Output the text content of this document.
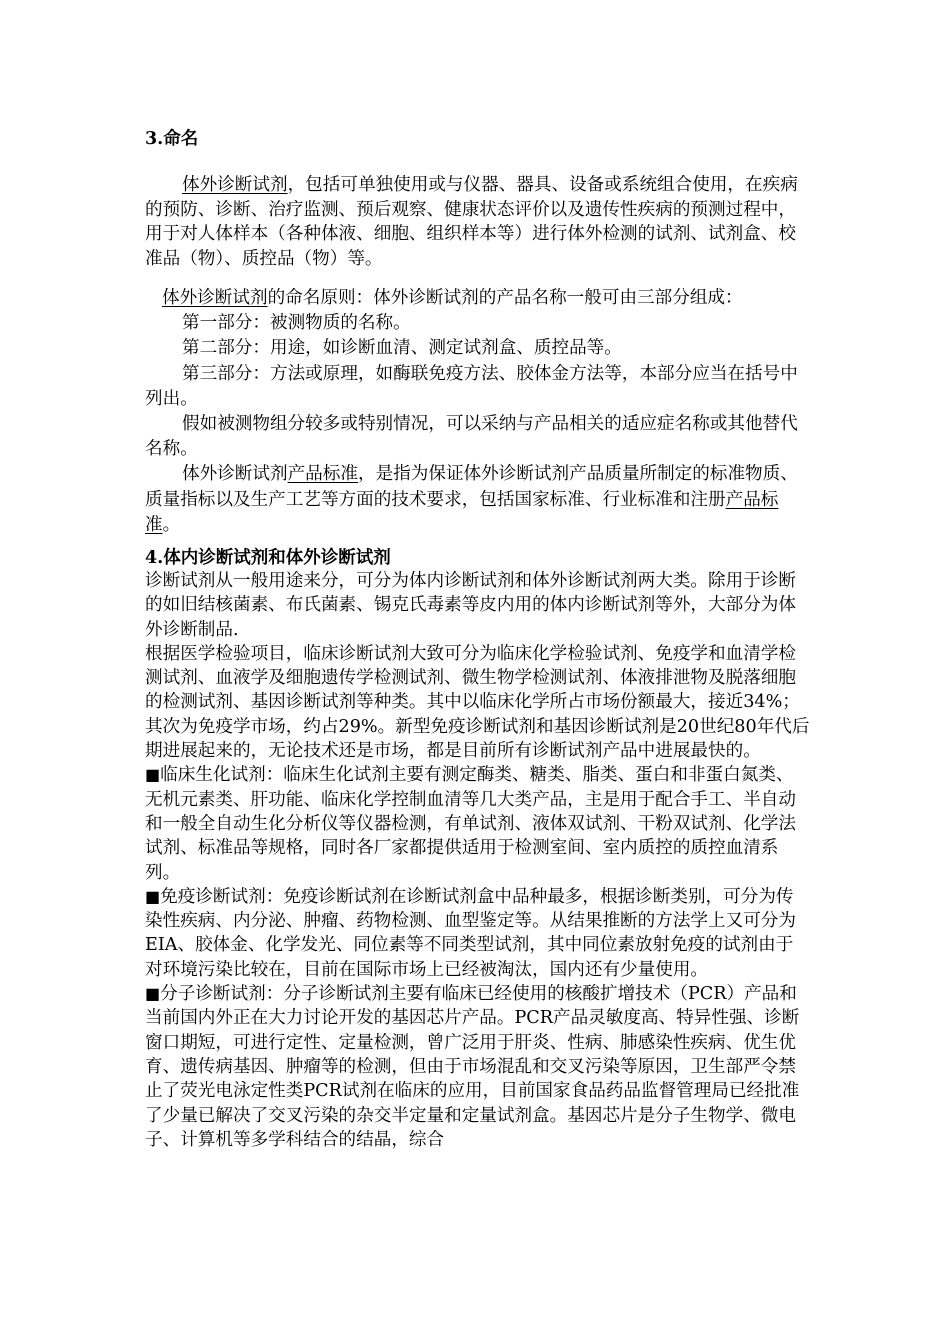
3.命名

体外诊断试剂，包括可单独使用或与仪器、器具、设备或系统组合使用，在疾病的预防、诊断、治疗监测、预后观察、健康状态评价以及遗传性疾病的预测过程中，用于对人体样本（各种体液、细胞、组织样本等）进行体外检测的试剂、试剂盒、校准品（物）、质控品（物）等。

体外诊断试剂的命名原则：体外诊断试剂的产品名称一般可由三部分组成：

第一部分：被测物质的名称。

第二部分：用途，如诊断血清、测定试剂盒、质控品等。

第三部分：方法或原理，如酶联免疫方法、胶体金方法等，本部分应当在括号中列出。

假如被测物组分较多或特别情况，可以采纳与产品相关的适应症名称或其他替代名称。

体外诊断试剂产品标准，是指为保证体外诊断试剂产品质量所制定的标准物质、质量指标以及生产工艺等方面的技术要求，包括国家标准、行业标准和注册产品标准。

4.体内诊断试剂和体外诊断试剂

诊断试剂从一般用途来分，可分为体内诊断试剂和体外诊断试剂两大类。除用于诊断的如旧结核菌素、布氏菌素、锡克氏毒素等皮内用的体内诊断试剂等外，大部分为体外诊断制品.

根据医学检验项目，临床诊断试剂大致可分为临床化学检验试剂、免疫学和血清学检测试剂、血液学及细胞遗传学检测试剂、微生物学检测试剂、体液排泄物及脱落细胞的检测试剂、基因诊断试剂等种类。其中以临床化学所占市场份额最大，接近34%；其次为免疫学市场，约占29%。新型免疫诊断试剂和基因诊断试剂是20世纪80年代后期进展起来的，无论技术还是市场，都是目前所有诊断试剂产品中进展最快的。

■临床生化试剂：临床生化试剂主要有测定酶类、糖类、脂类、蛋白和非蛋白氮类、无机元素类、肝功能、临床化学控制血清等几大类产品，主是用于配合手工、半自动和一般全自动生化分析仪等仪器检测，有单试剂、液体双试剂、干粉双试剂、化学法试剂、标准品等规格，同时各厂家都提供适用于检测室间、室内质控的质控血清系列。

■免疫诊断试剂：免疫诊断试剂在诊断试剂盒中品种最多，根据诊断类别，可分为传染性疾病、内分泌、肿瘤、药物检测、血型鉴定等。从结果推断的方法学上又可分为EIA、胶体金、化学发光、同位素等不同类型试剂，其中同位素放射免疫的试剂由于对环境污染比较在，目前在国际市场上已经被淘汰，国内还有少量使用。

■分子诊断试剂：分子诊断试剂主要有临床已经使用的核酸扩增技术（PCR）产品和当前国内外正在大力讨论开发的基因芯片产品。PCR产品灵敏度高、特异性强、诊断窗口期短，可进行定性、定量检测，曾广泛用于肝炎、性病、肺感染性疾病、优生优育、遗传病基因、肿瘤等的检测，但由于市场混乱和交叉污染等原因，卫生部严令禁止了荧光电泳定性类PCR试剂在临床的应用，目前国家食品药品监督管理局已经批准了少量已解决了交叉污染的杂交半定量和定量试剂盒。基因芯片是分子生物学、微电子、计算机等多学科结合的结晶，综合
